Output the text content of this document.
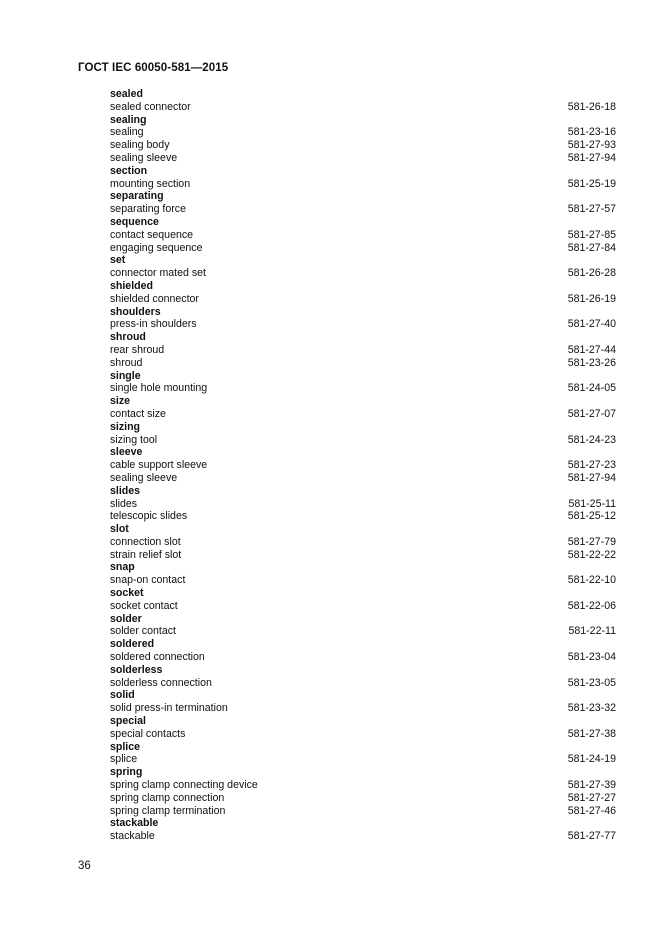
ГОСТ IEC 60050-581—2015
sealed
sealed connector	581-26-18
sealing
sealing	581-23-16
sealing body	581-27-93
sealing sleeve	581-27-94
section
mounting section	581-25-19
separating
separating force	581-27-57
sequence
contact sequence	581-27-85
engaging sequence	581-27-84
set
connector mated set	581-26-28
shielded
shielded connector	581-26-19
shoulders
press-in shoulders	581-27-40
shroud
rear shroud	581-27-44
shroud	581-23-26
single
single hole mounting	581-24-05
size
contact size	581-27-07
sizing
sizing tool	581-24-23
sleeve
cable support sleeve	581-27-23
sealing sleeve	581-27-94
slides
slides	581-25-11
telescopic slides	581-25-12
slot
connection slot	581-27-79
strain relief slot	581-22-22
snap
snap-on contact	581-22-10
socket
socket contact	581-22-06
solder
solder contact	581-22-11
soldered
soldered connection	581-23-04
solderless
solderless connection	581-23-05
solid
solid press-in termination	581-23-32
special
special contacts	581-27-38
splice
splice	581-24-19
spring
spring clamp connecting device	581-27-39
spring clamp connection	581-27-27
spring clamp termination	581-27-46
stackable
stackable	581-27-77
36
